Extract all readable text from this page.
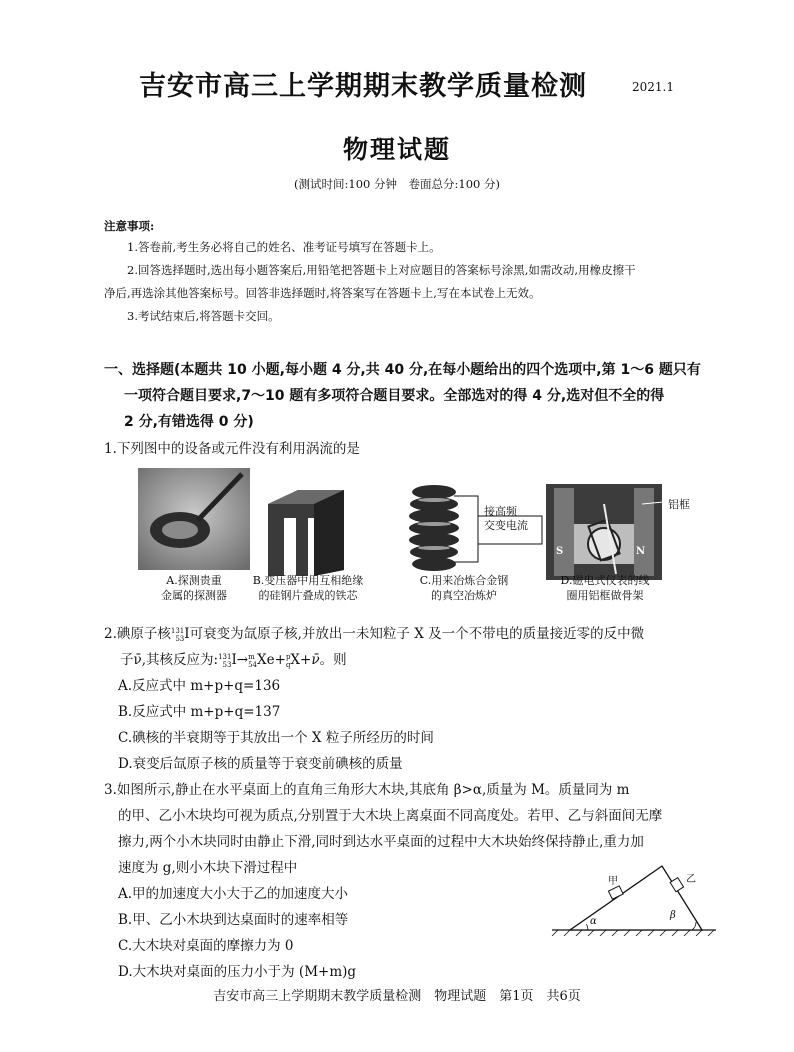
吉安市高三上学期期末教学质量检测	2021.1
物理试题
(测试时间:100 分钟　卷面总分:100 分)
注意事项:
1.答卷前,考生务必将自己的姓名、准考证号填写在答题卡上。
2.回答选择题时,选出每小题答案后,用铅笔把答题卡上对应题目的答案标号涂黑,如需改动,用橡皮擦干
净后,再选涂其他答案标号。回答非选择题时,将答案写在答题卡上,写在本试卷上无效。
3.考试结束后,将答题卡交回。
一、选择题(本题共 10 小题,每小题 4 分,共 40 分,在每小题给出的四个选项中,第 1～6 题只有
一项符合题目要求,7～10 题有多项符合题目要求。全部选对的得 4 分,选对但不全的得
2 分,有错选得 0 分)
1.下列图中的设备或元件没有利用涡流的是
A.探测贵重
金属的探测器
B.变压器中用互相绝缘
的硅钢片叠成的铁芯
接高频
交变电流
C.用来冶炼合金钢
的真空冶炼炉
S	N
铝框
D.磁电式仪表的线
圈用铝框做骨架
2.碘原子核 131
53 I可衰变为氙原子核,并放出一未知粒子 X 及一个不带电的质量接近零的反中微
子ν̄,其核反应为: 131
53 I→ m
54 Xe+ p
q X+ν̄。则
A.反应式中 m+p+q=136
B.反应式中 m+p+q=137
C.碘核的半衰期等于其放出一个 X 粒子所经历的时间
D.衰变后氙原子核的质量等于衰变前碘核的质量
3.如图所示,静止在水平桌面上的直角三角形大木块,其底角 β>α,质量为 M。质量同为 m
的甲、乙小木块均可视为质点,分别置于大木块上离桌面不同高度处。若甲、乙与斜面间无摩
擦力,两个小木块同时由静止下滑,同时到达水平桌面的过程中大木块始终保持静止,重力加
速度为 g,则小木块下滑过程中
A.甲的加速度大小大于乙的加速度大小
B.甲、乙小木块到达桌面时的速率相等
C.大木块对桌面的摩擦力为 0
D.大木块对桌面的压力小于为 (M+m)g
甲	乙
α
β
吉安市高三上学期期末教学质量检测　物理试题　第1页　共6页
